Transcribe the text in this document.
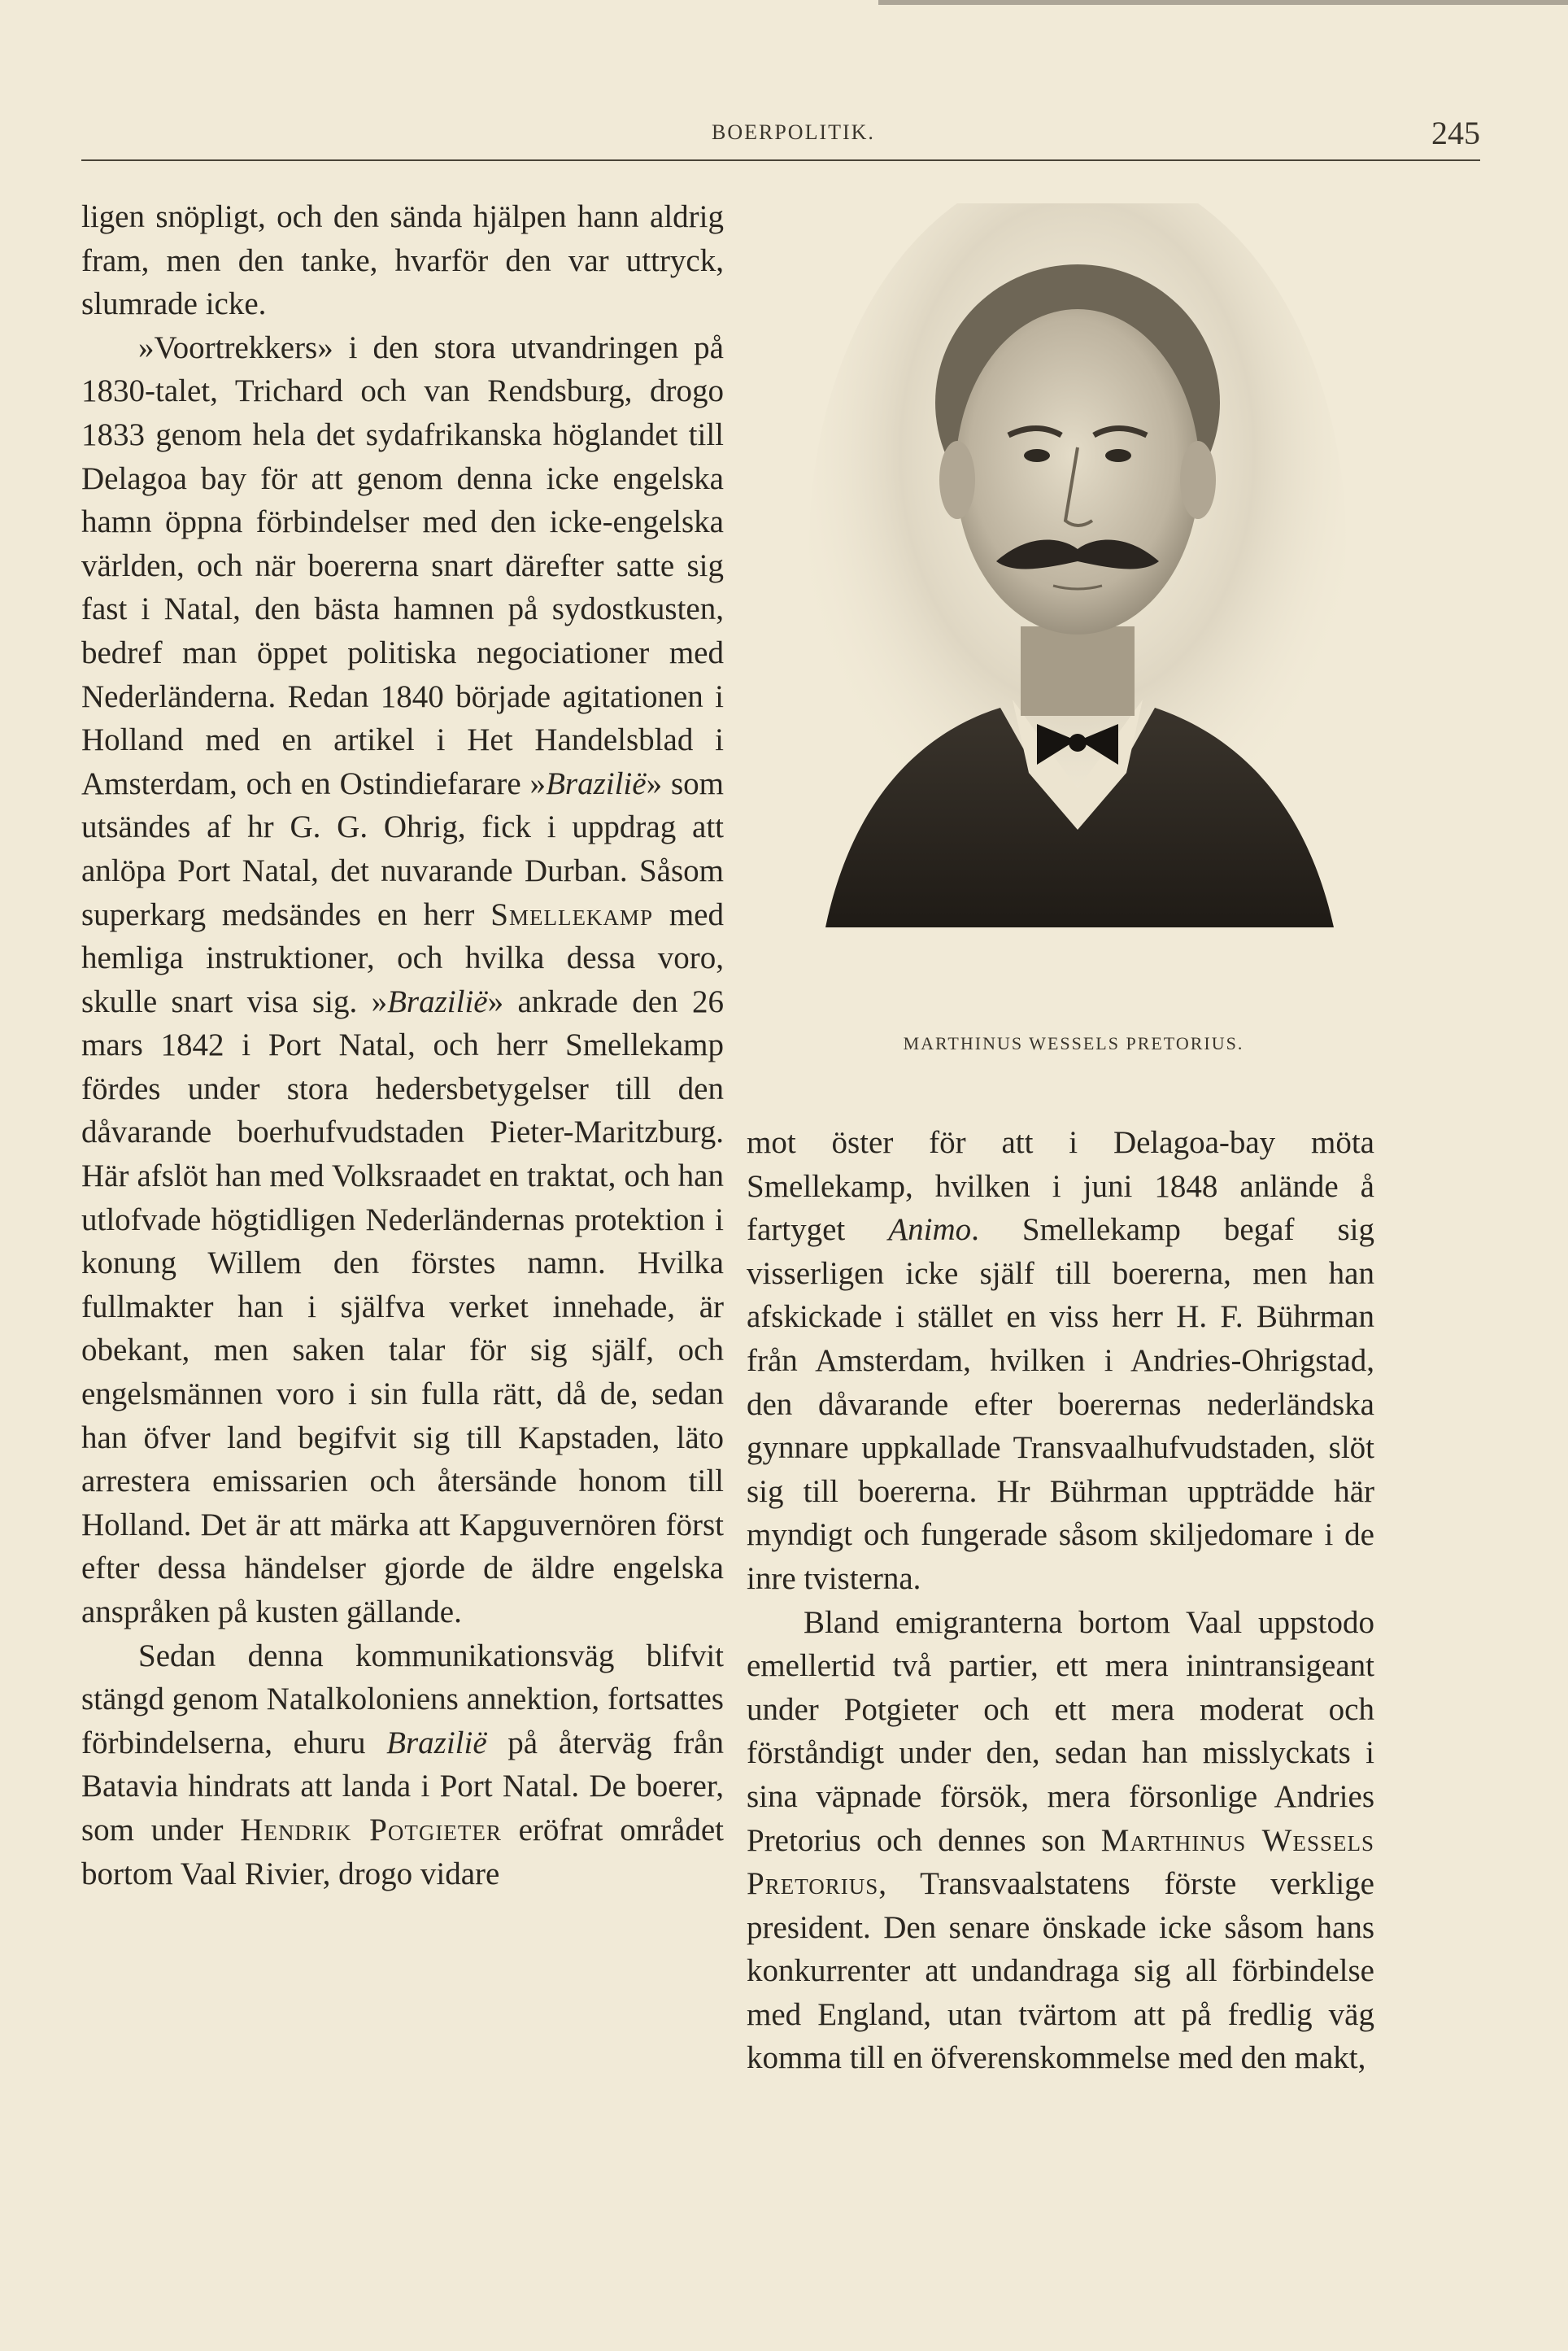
BOERPOLITIK.	245

ligen snöpligt, och den sända hjälpen hann aldrig fram, men den tanke, hvarför den var uttryck, slumrade icke.

»Voortrekkers» i den stora utvandringen på 1830-talet, Trichard och van Rendsburg, drogo 1833 genom hela det sydafrikanska höglandet till Delagoa bay för att genom denna icke engelska hamn öppna förbindelser med den icke-engelska världen, och när boererna snart därefter satte sig fast i Natal, den bästa hamnen på sydostkusten, bedref man öppet politiska negociationer med Nederländerna. Redan 1840 började agitationen i Holland med en artikel i Het Handelsblad i Amsterdam, och en Ostindiefarare »Braziliё» som utsändes af hr G. G. Ohrig, fick i uppdrag att anlöpa Port Natal, det nuvarande Durban. Såsom superkarg medsändes en herr Smellekamp med hemliga instruktioner, och hvilka dessa voro, skulle snart visa sig. »Braziliё» ankrade den 26 mars 1842 i Port Natal, och herr Smellekamp fördes under stora hedersbetygelser till den dåvarande boerhufvudstaden Pieter-Maritzburg. Här afslöt han med Volksraadet en traktat, och han utlofvade högtidligen Nederländernas protektion i konung Willem den förstes namn. Hvilka fullmakter han i själfva verket innehade, är obekant, men saken talar för sig själf, och engelsmännen voro i sin fulla rätt, då de, sedan han öfver land begifvit sig till Kapstaden, läto arrestera emissarien och återsände honom till Holland. Det är att märka att Kapguvernören först efter dessa händelser gjorde de äldre engelska anspråken på kusten gällande.

Sedan denna kommunikationsväg blifvit stängd genom Natalkoloniens annektion, fortsattes förbindelserna, ehuru Braziliё på återväg från Batavia hindrats att landa i Port Natal. De boerer, som under Hendrik Potgieter eröfrat området bortom Vaal Rivier, drogo vidare

MARTHINUS WESSELS PRETORIUS.

mot öster för att i Delagoa-bay möta Smellekamp, hvilken i juni 1848 anlände å fartyget Animo. Smellekamp begaf sig visserligen icke själf till boererna, men han afskickade i stället en viss herr H. F. Bührman från Amsterdam, hvilken i Andries-Ohrigstad, den dåvarande efter boerernas nederländska gynnare uppkallade Transvaalhufvudstaden, slöt sig till boererna. Hr Bührman uppträdde här myndigt och fungerade såsom skiljedomare i de inre tvisterna.

Bland emigranterna bortom Vaal uppstodo emellertid två partier, ett mera inintransigeant under Potgieter och ett mera moderat och förståndigt under den, sedan han misslyckats i sina väpnade försök, mera försonlige Andries Pretorius och dennes son Marthinus Wessels Pretorius, Transvaalstatens förste verklige president. Den senare önskade icke såsom hans konkurrenter att undandraga sig all förbindelse med England, utan tvärtom att på fredlig väg komma till en öfverenskommelse med den makt,
